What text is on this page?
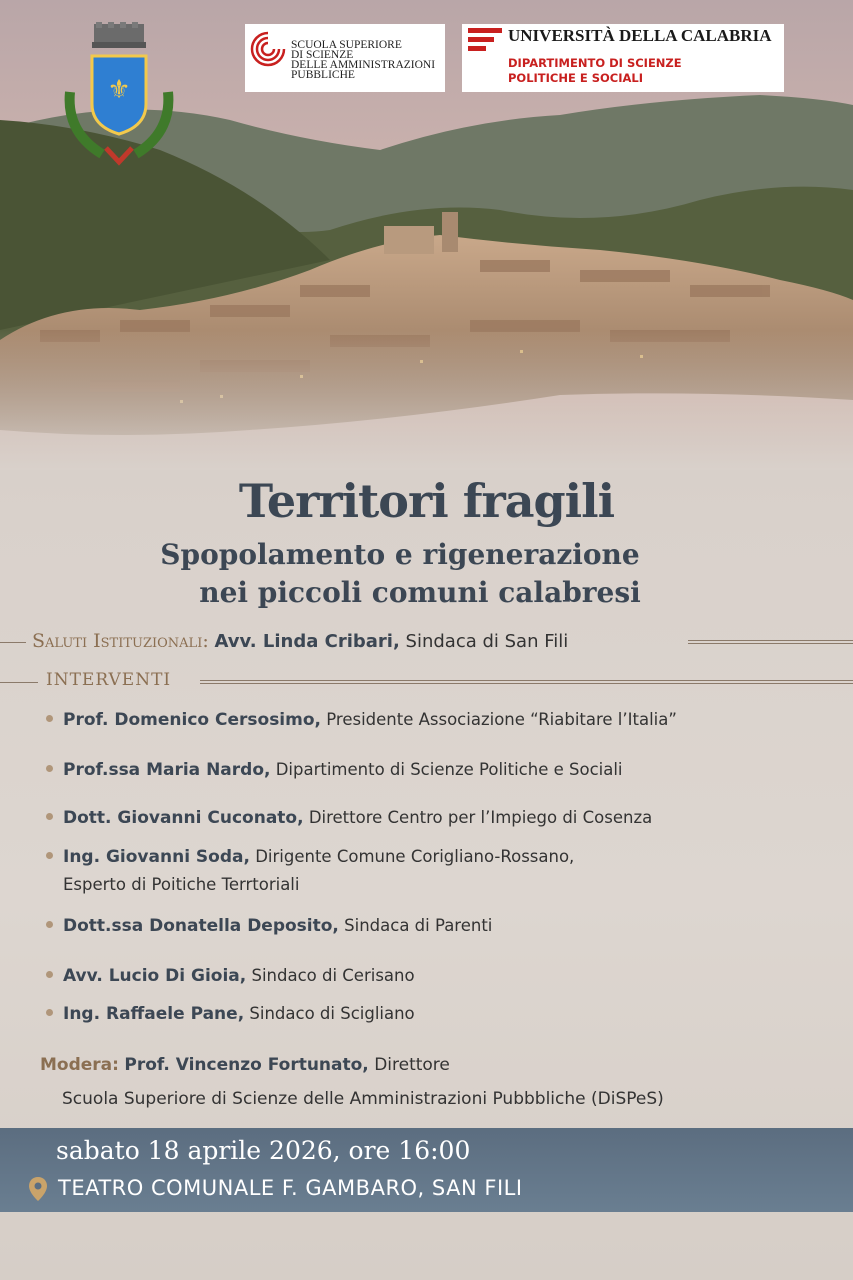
⚜
SCUOLA SUPERIORE
DI SCIENZE
DELLE AMMINISTRAZIONI
PUBBLICHE
UNIVERSITÀ DELLA CALABRIA
DIPARTIMENTO DI SCIENZE
POLITICHE E SOCIALI
Territori fragili
Spopolamento e rigenerazione
nei piccoli comuni calabresi
Saluti Istituzionali: Avv. Linda Cribari, Sindaca di San Fili
INTERVENTI
Prof. Domenico Cersosimo, Presidente Associazione “Riabitare l’Italia”
Prof.ssa Maria Nardo, Dipartimento di Scienze Politiche e Sociali
Dott. Giovanni Cuconato, Direttore Centro per l’Impiego di Cosenza
Ing. Giovanni Soda, Dirigente Comune Corigliano-Rossano,
Esperto di Poitiche Terrtoriali
Dott.ssa Donatella Deposito, Sindaca di Parenti
Avv. Lucio Di Gioia, Sindaco di Cerisano
Ing. Raffaele Pane, Sindaco di Scigliano
Modera: Prof. Vincenzo Fortunato, Direttore
Scuola Superiore di Scienze delle Amministrazioni Pubbbliche (DiSPeS)
sabato 18 aprile 2026, ore 16:00
TEATRO COMUNALE F. GAMBARO, SAN FILI
